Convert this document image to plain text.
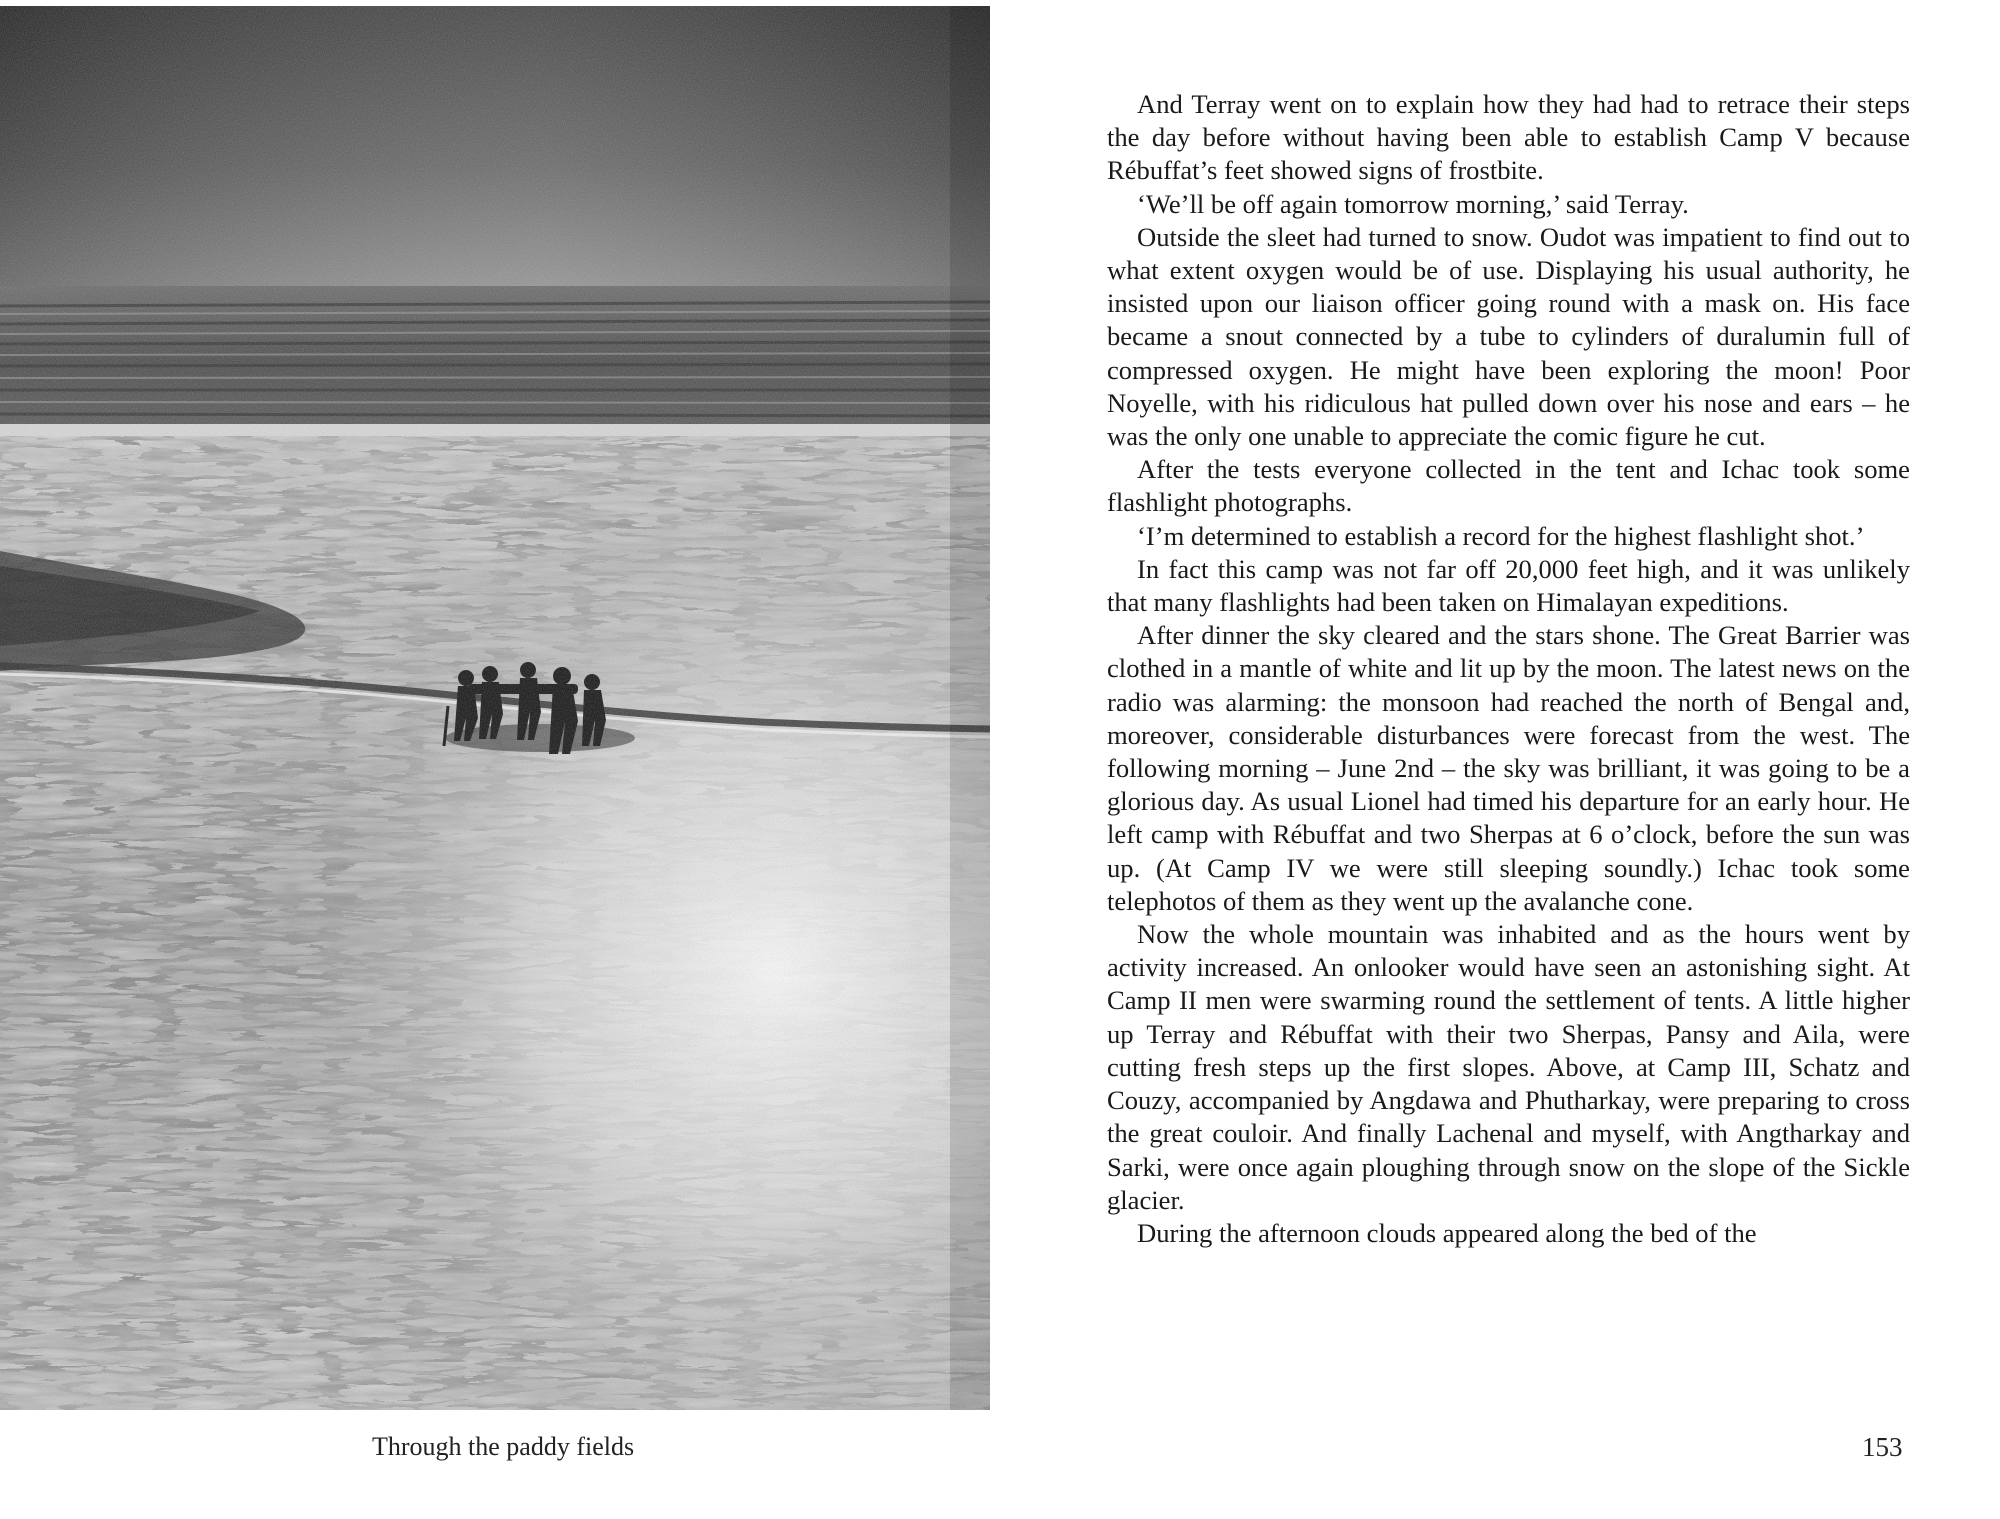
Through the paddy fields

And Terray went on to explain how they had had to retrace their steps the day before without having been able to establish Camp V because Rébuffat’s feet showed signs of frostbite.

‘We’ll be off again tomorrow morning,’ said Terray.

Outside the sleet had turned to snow. Oudot was impatient to find out to what extent oxygen would be of use. Displaying his usual authority, he insisted upon our liaison officer going round with a mask on. His face became a snout connected by a tube to cylinders of duralumin full of compressed oxygen. He might have been exploring the moon! Poor Noyelle, with his ridiculous hat pulled down over his nose and ears – he was the only one unable to appreciate the comic figure he cut.

After the tests everyone collected in the tent and Ichac took some flashlight photographs.

‘I’m determined to establish a record for the highest flashlight shot.’

In fact this camp was not far off 20,000 feet high, and it was unlikely that many flashlights had been taken on Himalayan expeditions.

After dinner the sky cleared and the stars shone. The Great Barrier was clothed in a mantle of white and lit up by the moon. The latest news on the radio was alarming: the monsoon had reached the north of Bengal and, moreover, considerable disturbances were forecast from the west. The following morning – June 2nd – the sky was brilliant, it was going to be a glorious day. As usual Lionel had timed his departure for an early hour. He left camp with Rébuffat and two Sherpas at 6 o’clock, before the sun was up. (At Camp IV we were still sleeping soundly.) Ichac took some telephotos of them as they went up the avalanche cone.

Now the whole mountain was inhabited and as the hours went by activity increased. An onlooker would have seen an astonishing sight. At Camp II men were swarming round the settlement of tents. A little higher up Terray and Rébuffat with their two Sherpas, Pansy and Aila, were cutting fresh steps up the first slopes. Above, at Camp III, Schatz and Couzy, accompanied by Angdawa and Phutharkay, were preparing to cross the great couloir. And finally Lachenal and myself, with Angtharkay and Sarki, were once again ploughing through snow on the slope of the Sickle glacier.

During the afternoon clouds appeared along the bed of the

153
